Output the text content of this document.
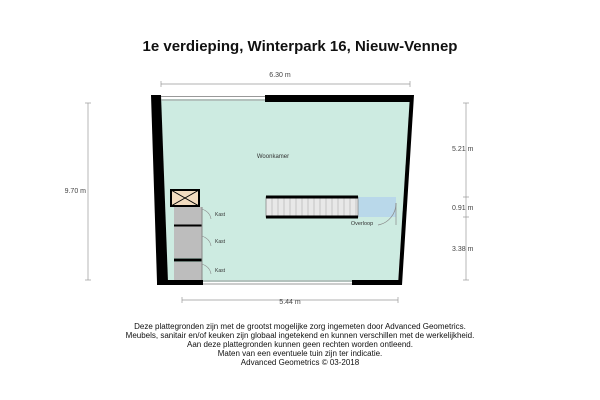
1e verdieping, Winterpark 16, Nieuw-Vennep
6.30 m
5.44 m
9.70 m
5.21 m
0.91 m
3.38 m
Woonkamer
Overloop
Kast
Kast
Kast
Deze plattegronden zijn met de grootst mogelijke zorg ingemeten door Advanced Geometrics.
Meubels, sanitair en/of keuken zijn globaal ingetekend en kunnen verschillen met de werkelijkheid.
Aan deze plattegronden kunnen geen rechten worden ontleend.
Maten van een eventuele tuin zijn ter indicatie.
Advanced Geometrics © 03-2018
